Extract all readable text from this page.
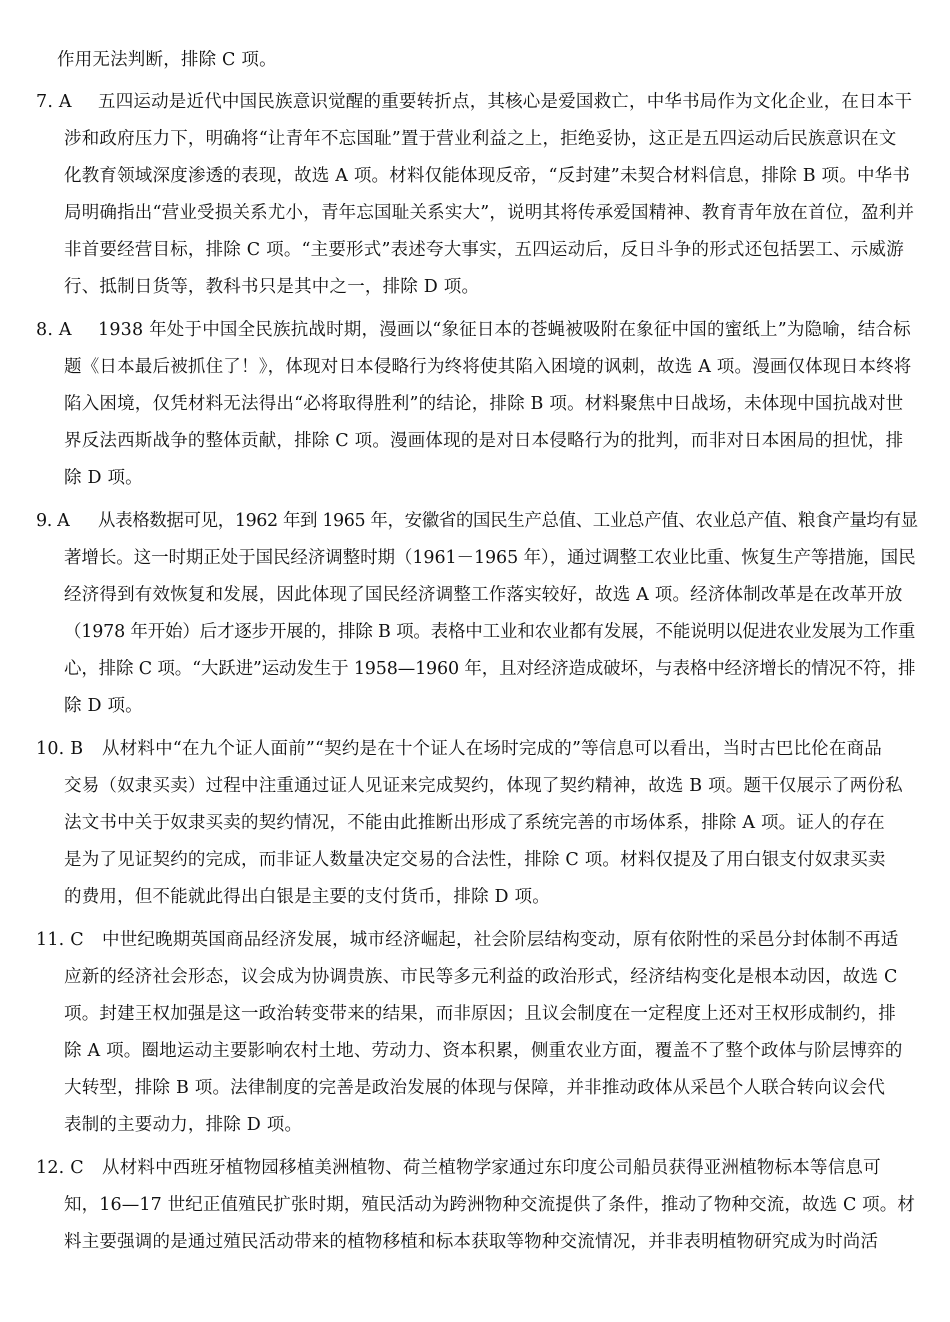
作用无法判断，排除 C 项。
7. A 五四运动是近代中国民族意识觉醒的重要转折点，其核心是爱国救亡，中华书局作为文化企业，在日本干
涉和政府压力下，明确将“让青年不忘国耻”置于营业利益之上，拒绝妥协，这正是五四运动后民族意识在文
化教育领域深度渗透的表现，故选 A 项。材料仅能体现反帝，“反封建”未契合材料信息，排除 B 项。中华书
局明确指出“营业受损关系尤小，青年忘国耻关系实大”，说明其将传承爱国精神、教育青年放在首位，盈利并
非首要经营目标，排除 C 项。“主要形式”表述夸大事实，五四运动后，反日斗争的形式还包括罢工、示威游
行、抵制日货等，教科书只是其中之一，排除 D 项。
8. A 1938 年处于中国全民族抗战时期，漫画以“象征日本的苍蝇被吸附在象征中国的蜜纸上”为隐喻，结合标
题《日本最后被抓住了！》，体现对日本侵略行为终将使其陷入困境的讽刺，故选 A 项。漫画仅体现日本终将
陷入困境，仅凭材料无法得出“必将取得胜利”的结论，排除 B 项。材料聚焦中日战场，未体现中国抗战对世
界反法西斯战争的整体贡献，排除 C 项。漫画体现的是对日本侵略行为的批判，而非对日本困局的担忧，排
除 D 项。
9. A 从表格数据可见，1962 年到 1965 年，安徽省的国民生产总值、工业总产值、农业总产值、粮食产量均有显
著增长。这一时期正处于国民经济调整时期（1961－1965 年），通过调整工农业比重、恢复生产等措施，国民
经济得到有效恢复和发展，因此体现了国民经济调整工作落实较好，故选 A 项。经济体制改革是在改革开放
（1978 年开始）后才逐步开展的，排除 B 项。表格中工业和农业都有发展，不能说明以促进农业发展为工作重
心，排除 C 项。“大跃进”运动发生于 1958—1960 年，且对经济造成破坏，与表格中经济增长的情况不符，排
除 D 项。
10. B 从材料中“在九个证人面前”“契约是在十个证人在场时完成的”等信息可以看出，当时古巴比伦在商品
交易（奴隶买卖）过程中注重通过证人见证来完成契约，体现了契约精神，故选 B 项。题干仅展示了两份私
法文书中关于奴隶买卖的契约情况，不能由此推断出形成了系统完善的市场体系，排除 A 项。证人的存在
是为了见证契约的完成，而非证人数量决定交易的合法性，排除 C 项。材料仅提及了用白银支付奴隶买卖
的费用，但不能就此得出白银是主要的支付货币，排除 D 项。
11. C 中世纪晚期英国商品经济发展，城市经济崛起，社会阶层结构变动，原有依附性的采邑分封体制不再适
应新的经济社会形态，议会成为协调贵族、市民等多元利益的政治形式，经济结构变化是根本动因，故选 C
项。封建王权加强是这一政治转变带来的结果，而非原因；且议会制度在一定程度上还对王权形成制约，排
除 A 项。圈地运动主要影响农村土地、劳动力、资本积累，侧重农业方面，覆盖不了整个政体与阶层博弈的
大转型，排除 B 项。法律制度的完善是政治发展的体现与保障，并非推动政体从采邑个人联合转向议会代
表制的主要动力，排除 D 项。
12. C 从材料中西班牙植物园移植美洲植物、荷兰植物学家通过东印度公司船员获得亚洲植物标本等信息可
知，16—17 世纪正值殖民扩张时期，殖民活动为跨洲物种交流提供了条件，推动了物种交流，故选 C 项。材
料主要强调的是通过殖民活动带来的植物移植和标本获取等物种交流情况，并非表明植物研究成为时尚活
